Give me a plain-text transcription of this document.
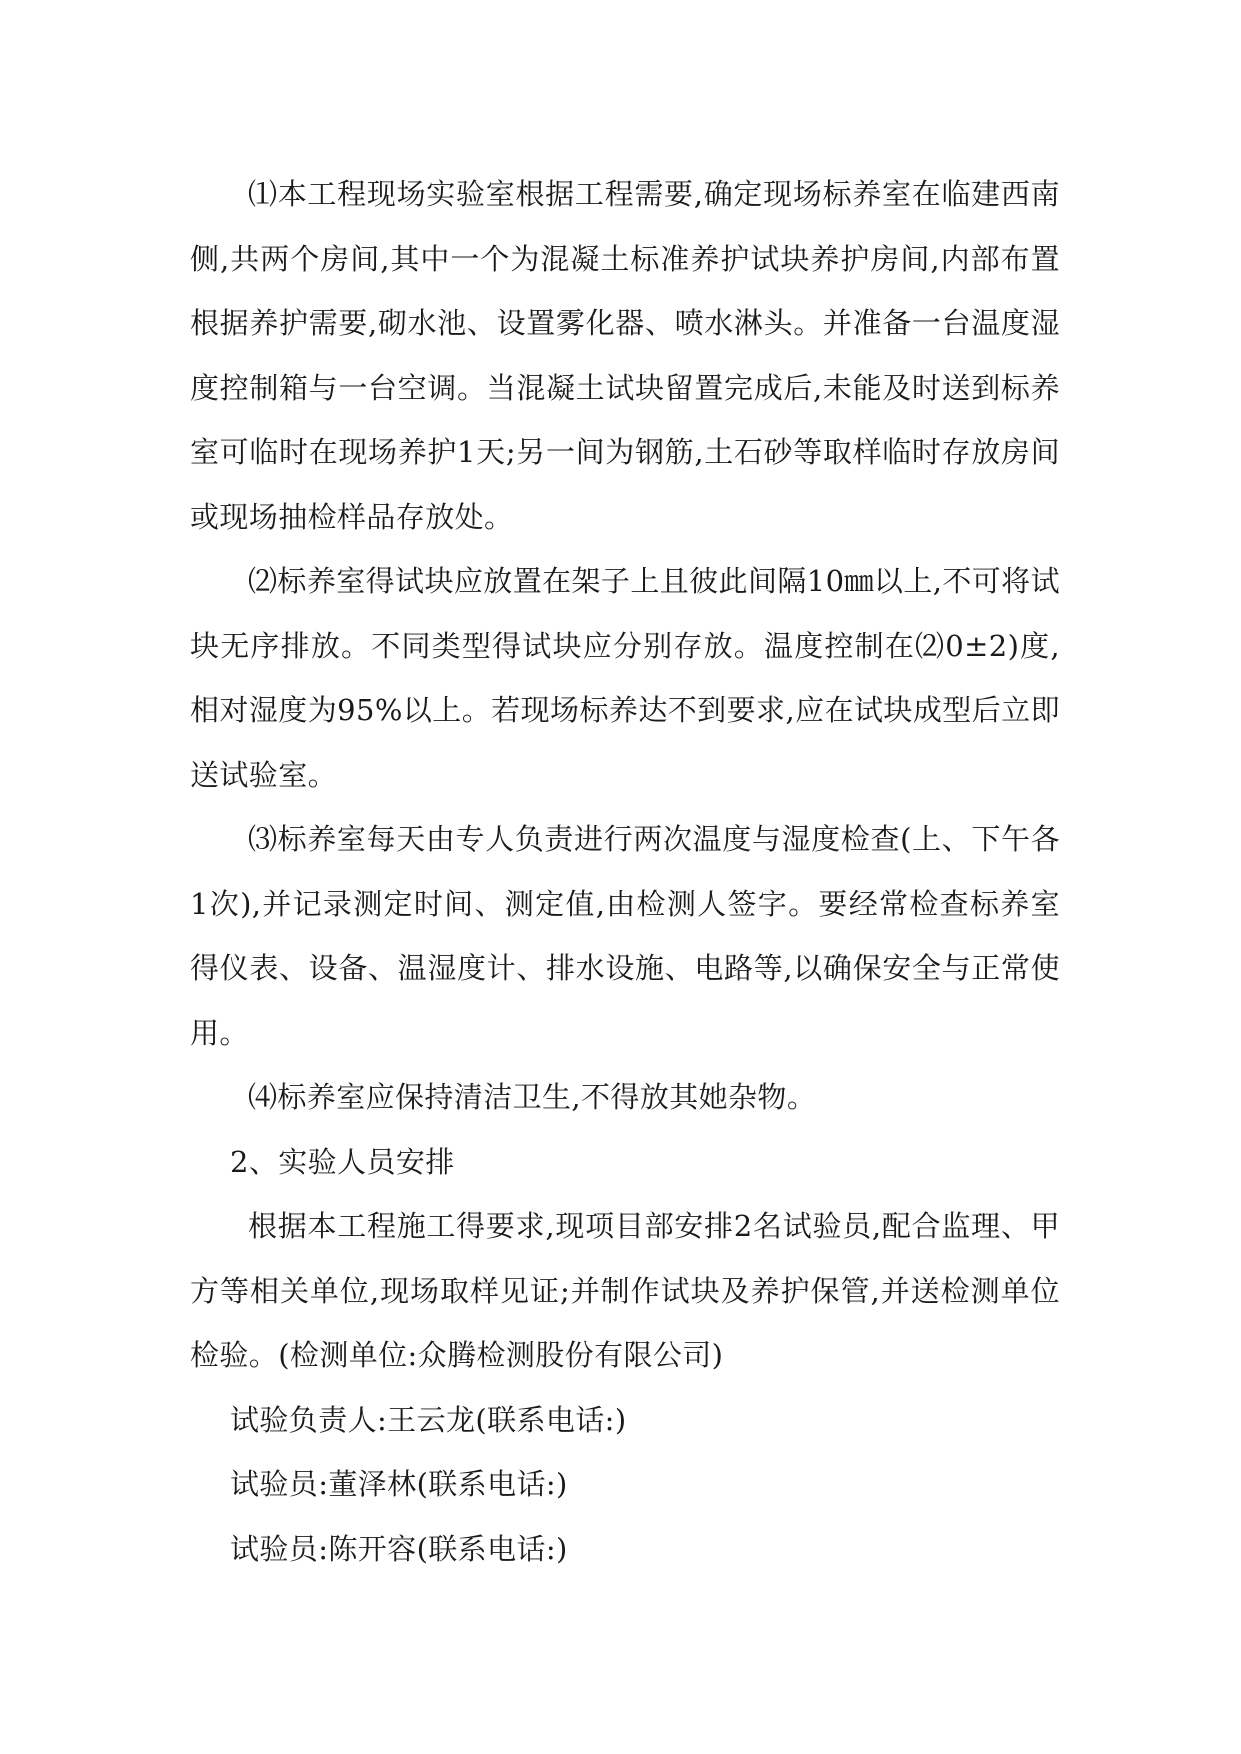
⑴本工程现场实验室根据工程需要,确定现场标养室在临建西南侧,共两个房间,其中一个为混凝土标准养护试块养护房间,内部布置根据养护需要,砌水池、设置雾化器、喷水淋头。并准备一台温度湿度控制箱与一台空调。当混凝土试块留置完成后,未能及时送到标养室可临时在现场养护1天;另一间为钢筋,土石砂等取样临时存放房间或现场抽检样品存放处。

⑵标养室得试块应放置在架子上且彼此间隔10㎜以上,不可将试块无序排放。不同类型得试块应分别存放。温度控制在⑵0±2)度,相对湿度为95%以上。若现场标养达不到要求,应在试块成型后立即送试验室。

⑶标养室每天由专人负责进行两次温度与湿度检查(上、下午各1次),并记录测定时间、测定值,由检测人签字。要经常检查标养室得仪表、设备、温湿度计、排水设施、电路等,以确保安全与正常使用。

⑷标养室应保持清洁卫生,不得放其她杂物。

2、实验人员安排

根据本工程施工得要求,现项目部安排2名试验员,配合监理、甲方等相关单位,现场取样见证;并制作试块及养护保管,并送检测单位检验。(检测单位:众腾检测股份有限公司)

试验负责人:王云龙(联系电话:)

试验员:董泽林(联系电话:)

试验员:陈开容(联系电话:)
